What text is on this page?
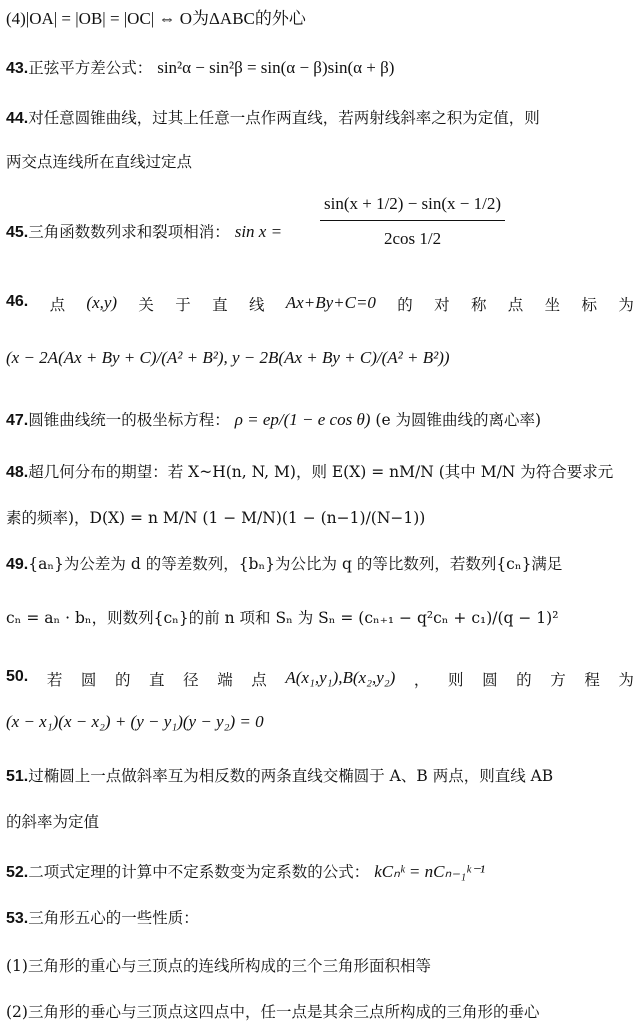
(4)|OA| = |OB| = |OC| ⇔ O为ΔABC的外心
43.正弦平方差公式： sin²α − sin²β = sin(α − β)sin(α + β)
44.对任意圆锥曲线，过其上任意一点作两直线，若两射线斜率之积为定值，则
两交点连线所在直线过定点
45.三角函数数列求和裂项相消： $\sin x = \frac{\sin(x + 1/2) - \sin(x - 1/2)}{2\cos 1/2}$
46. 点 (x,y) 关 于 直 线 Ax+By+C=0 的 对 称 点 坐 标 为
(x − 2A(Ax + By + C)/(A² + B²), y − 2B(Ax + By + C)/(A² + B²))
47.圆锥曲线统一的极坐标方程： ρ = ep/(1 − e cos θ) (e 为圆锥曲线的离心率)
48.超几何分布的期望：若 X~H(n, N, M)，则 E(X) = nM/N (其中 M/N 为符合要求元
素的频率)，D(X) = n M/N (1 − M/N)(1 − (n−1)/(N−1))
49.{aₙ}为公差为 d 的等差数列，{bₙ}为公比为 q 的等比数列，若数列{cₙ}满足
cₙ = aₙ · bₙ，则数列{cₙ}的前 n 项和 Sₙ 为 Sₙ = (cₙ₊₁ − q²cₙ + c₁)/(q − 1)²
50. 若 圆 的 直 径 端 点 A(x₁,y₁),B(x₂,y₂) ， 则 圆 的 方 程 为
(x − x₁)(x − x₂) + (y − y₁)(y − y₂) = 0
51.过椭圆上一点做斜率互为相反数的两条直线交椭圆于 A、B 两点，则直线 AB
的斜率为定值
52.二项式定理的计算中不定系数变为定系数的公式： kCₙᵏ = nCₙ₋₁ᵏ⁻¹
53.三角形五心的一些性质：
(1)三角形的重心与三顶点的连线所构成的三个三角形面积相等
(2)三角形的垂心与三顶点这四点中，任一点是其余三点所构成的三角形的垂心
